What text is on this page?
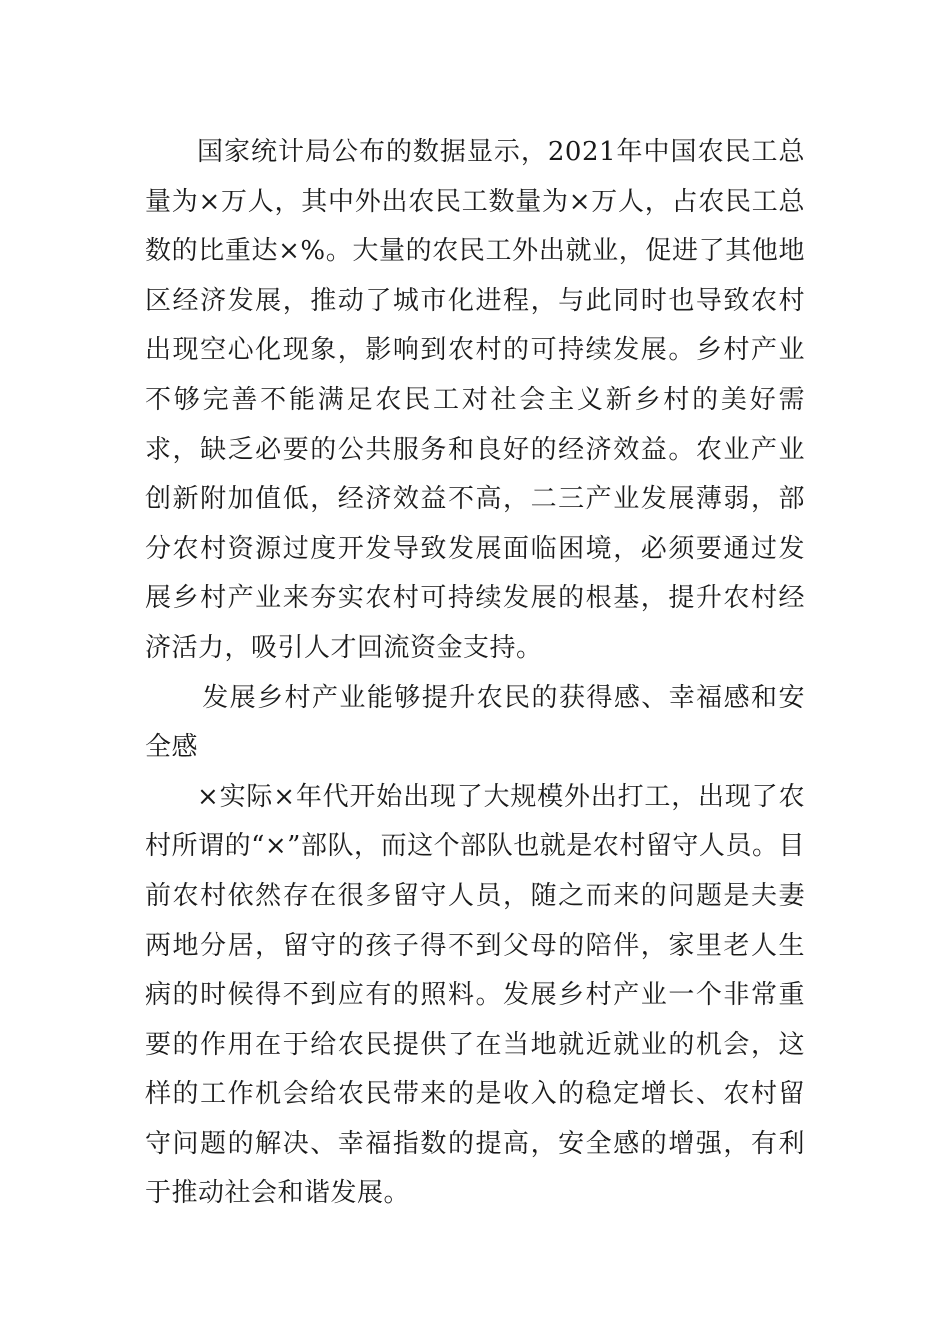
国家统计局公布的数据显示，2021年中国农民工总量为×万人，其中外出农民工数量为×万人，占农民工总数的比重达×%。大量的农民工外出就业，促进了其他地区经济发展，推动了城市化进程，与此同时也导致农村出现空心化现象，影响到农村的可持续发展。乡村产业不够完善不能满足农民工对社会主义新乡村的美好需求，缺乏必要的公共服务和良好的经济效益。农业产业创新附加值低，经济效益不高，二三产业发展薄弱，部分农村资源过度开发导致发展面临困境，必须要通过发展乡村产业来夯实农村可持续发展的根基，提升农村经济活力，吸引人才回流资金支持。

发展乡村产业能够提升农民的获得感、幸福感和安全感

×实际×年代开始出现了大规模外出打工，出现了农村所谓的“×”部队，而这个部队也就是农村留守人员。目前农村依然存在很多留守人员，随之而来的问题是夫妻两地分居，留守的孩子得不到父母的陪伴，家里老人生病的时候得不到应有的照料。发展乡村产业一个非常重要的作用在于给农民提供了在当地就近就业的机会，这样的工作机会给农民带来的是收入的稳定增长、农村留守问题的解决、幸福指数的提高，安全感的增强，有利于推动社会和谐发展。
